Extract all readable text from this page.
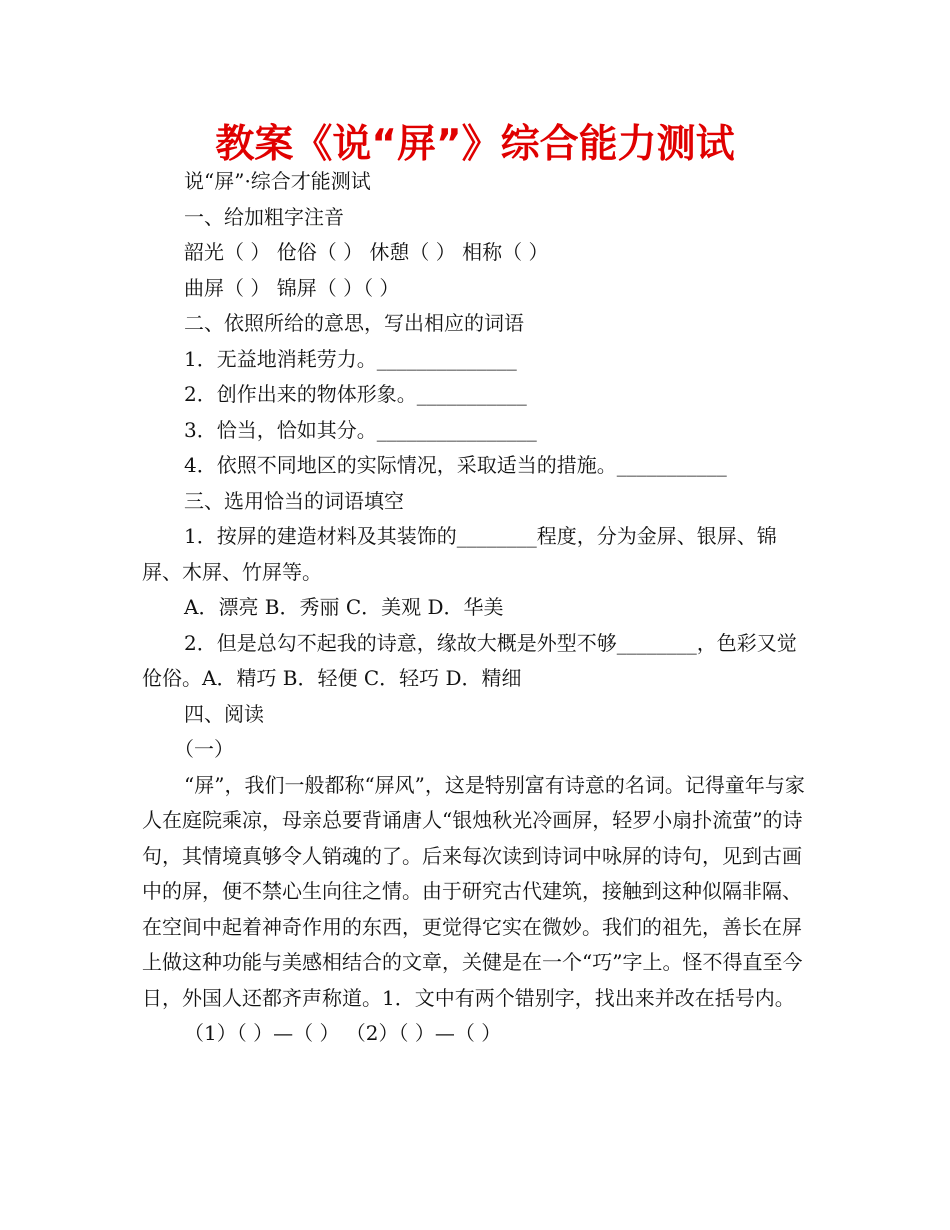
教案《说“屏”》综合能力测试

说“屏”·综合才能测试

一、给加粗字注音

韶光（ ） 伧俗（ ） 休憩（ ） 相称（ ）

曲屏（ ） 锦屏（ ）（ ）

二、依照所给的意思，写出相应的词语

1．无益地消耗劳力。______________

2．创作出来的物体形象。___________

3．恰当，恰如其分。________________

4．依照不同地区的实际情况，采取适当的措施。___________

三、选用恰当的词语填空

1．按屏的建造材料及其装饰的________程度，分为金屏、银屏、锦屏、木屏、竹屏等。

A．漂亮 B．秀丽 C．美观 D．华美

2．但是总勾不起我的诗意，缘故大概是外型不够________，色彩又觉伧俗。A．精巧 B．轻便 C．轻巧 D．精细

四、阅读

（一）

“屏”，我们一般都称“屏风”，这是特别富有诗意的名词。记得童年与家人在庭院乘凉，母亲总要背诵唐人“银烛秋光冷画屏，轻罗小扇扑流萤”的诗句，其情境真够令人销魂的了。后来每次读到诗词中咏屏的诗句，见到古画中的屏，便不禁心生向往之情。由于研究古代建筑，接触到这种似隔非隔、在空间中起着神奇作用的东西，更觉得它实在微妙。我们的祖先，善长在屏上做这种功能与美感相结合的文章，关健是在一个“巧”字上。怪不得直至今日，外国人还都齐声称道。1．文中有两个错别字，找出来并改在括号内。

（1）（ ）—（ ） （2）（ ）—（ ）
